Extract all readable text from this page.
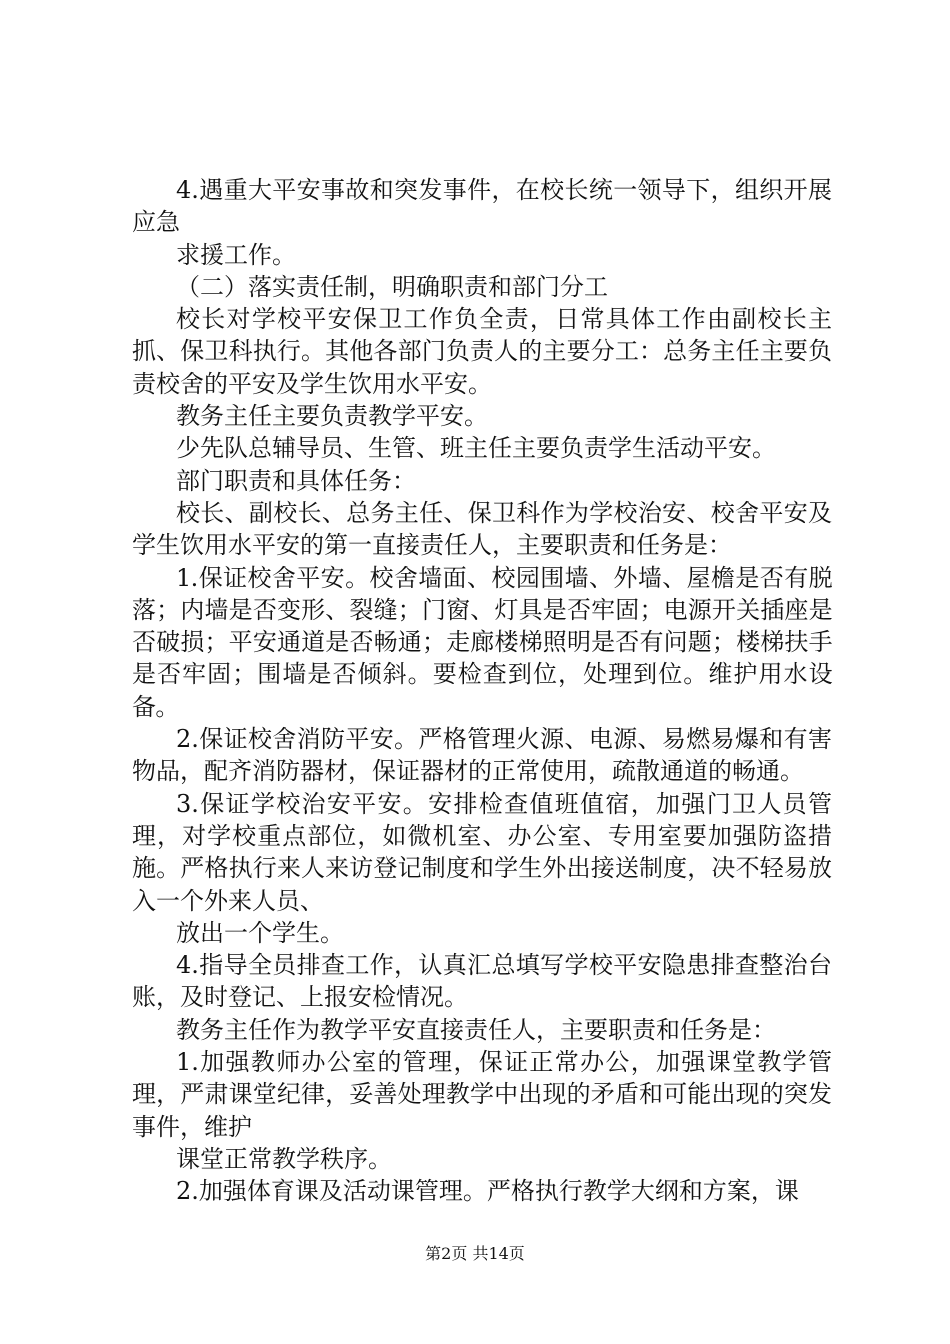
4.遇重大平安事故和突发事件，在校长统一领导下，组织开展应急

求援工作。

（二）落实责任制，明确职责和部门分工

校长对学校平安保卫工作负全责，日常具体工作由副校长主抓、保卫科执行。其他各部门负责人的主要分工：总务主任主要负责校舍的平安及学生饮用水平安。

教务主任主要负责教学平安。

少先队总辅导员、生管、班主任主要负责学生活动平安。

部门职责和具体任务：

校长、副校长、总务主任、保卫科作为学校治安、校舍平安及学生饮用水平安的第一直接责任人，主要职责和任务是：

1.保证校舍平安。校舍墙面、校园围墙、外墙、屋檐是否有脱落；内墙是否变形、裂缝；门窗、灯具是否牢固；电源开关插座是否破损；平安通道是否畅通；走廊楼梯照明是否有问题；楼梯扶手是否牢固；围墙是否倾斜。要检查到位，处理到位。维护用水设备。

2.保证校舍消防平安。严格管理火源、电源、易燃易爆和有害物品，配齐消防器材，保证器材的正常使用，疏散通道的畅通。

3.保证学校治安平安。安排检查值班值宿，加强门卫人员管理，对学校重点部位，如微机室、办公室、专用室要加强防盗措施。严格执行来人来访登记制度和学生外出接送制度，决不轻易放入一个外来人员、

放出一个学生。

4.指导全员排查工作，认真汇总填写学校平安隐患排查整治台账，及时登记、上报安检情况。

教务主任作为教学平安直接责任人，主要职责和任务是：

1.加强教师办公室的管理，保证正常办公，加强课堂教学管理，严肃课堂纪律，妥善处理教学中出现的矛盾和可能出现的突发事件，维护

课堂正常教学秩序。

2.加强体育课及活动课管理。严格执行教学大纲和方案，课

第2页 共14页
